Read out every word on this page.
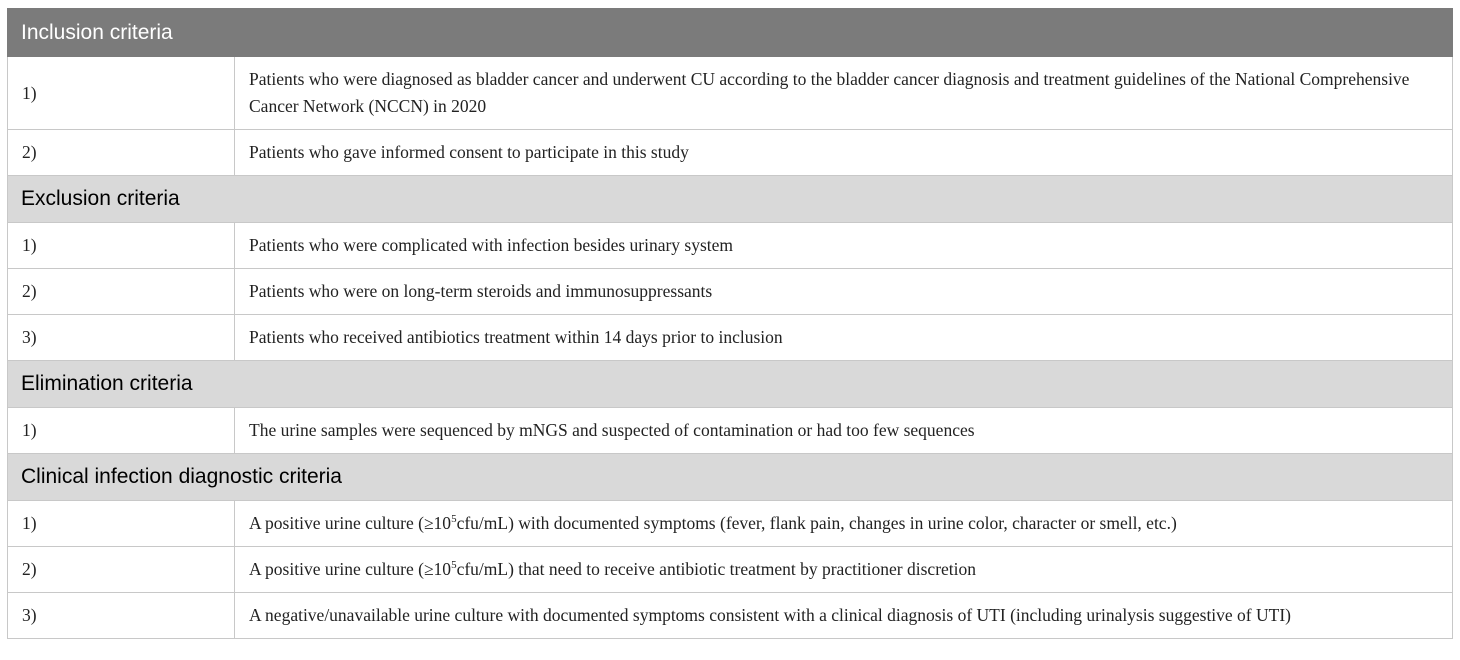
Inclusion criteria	
1)	Patients who were diagnosed as bladder cancer and underwent CU according to the bladder cancer diagnosis and treatment guidelines of the National Comprehensive Cancer Network (NCCN) in 2020
2)	Patients who gave informed consent to participate in this study
Exclusion criteria	
1)	Patients who were complicated with infection besides urinary system
2)	Patients who were on long-term steroids and immunosuppressants
3)	Patients who received antibiotics treatment within 14 days prior to inclusion
Elimination criteria	
1)	The urine samples were sequenced by mNGS and suspected of contamination or had too few sequences
Clinical infection diagnostic criteria	
1)	A positive urine culture $(\ge 10^5cfu/mL)$ with documented symptoms (fever, flank pain, changes in urine color, character or smell, etc.)
2)	A positive urine culture $(\ge 10^5cfu/mL)$ that need to receive antibiotic treatment by practitioner discretion
3)	A negative/unavailable urine culture with documented symptoms consistent with a clinical diagnosis of UTI (including urinalysis suggestive of UTI)
